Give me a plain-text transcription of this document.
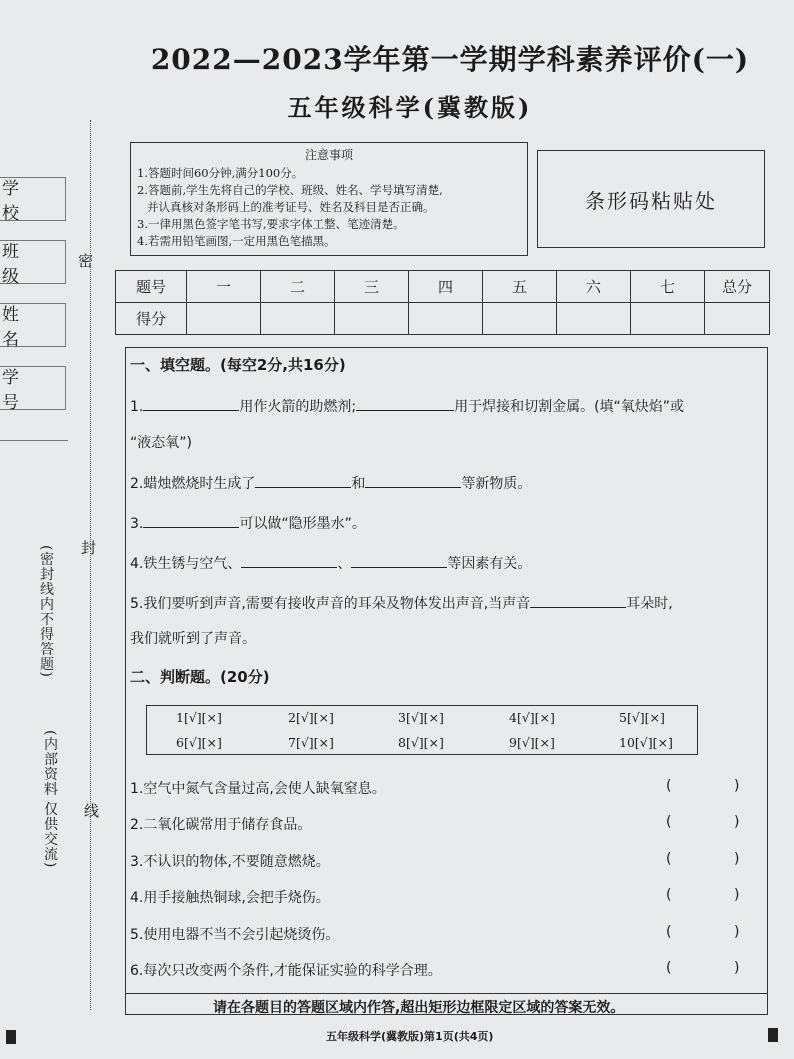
2022—2023学年第一学期学科素养评价(一)
五年级科学(冀教版)
注意事项
1.答题时间60分钟,满分100分。
2.答题前,学生先将自己的学校、班级、姓名、学号填写清楚,
并认真核对条形码上的准考证号、姓名及科目是否正确。
3.一律用黑色签字笔书写,要求字体工整、笔迹清楚。
4.若需用铅笔画图,一定用黑色笔描黑。
条形码粘贴处
学 校
班 级
姓 名
学 号
密
封
线
(密封线内不得答题)
(内部资料 仅供交流)
题号	一	二	三	四	五	六	七	总分
得分								
一、填空题。(每空2分,共16分)
1.	用作火箭的助燃剂;	用于焊接和切割金属。(填“氧炔焰”或
“液态氧”)
2.蜡烛燃烧时生成了	和	等新物质。
3.	可以做“隐形墨水”。
4.铁生锈与空气、	、	等因素有关。
5.我们要听到声音,需要有接收声音的耳朵及物体发出声音,当声音	耳朵时,
我们就听到了声音。
二、判断题。(20分)
1[√][×]	2[√][×]	3[√][×]	4[√][×]	5[√][×]
6[√][×]	7[√][×]	8[√][×]	9[√][×]	10[√][×]
1.空气中氮气含量过高,会使人缺氧窒息。
2.二氧化碳常用于储存食品。
3.不认识的物体,不要随意燃烧。
4.用手接触热铜球,会把手烧伤。
5.使用电器不当不会引起烧烫伤。
6.每次只改变两个条件,才能保证实验的科学合理。
(	)
(	)
(	)
(	)
(	)
(	)
请在各题目的答题区域内作答,超出矩形边框限定区域的答案无效。
五年级科学(冀教版)第1页(共4页)
